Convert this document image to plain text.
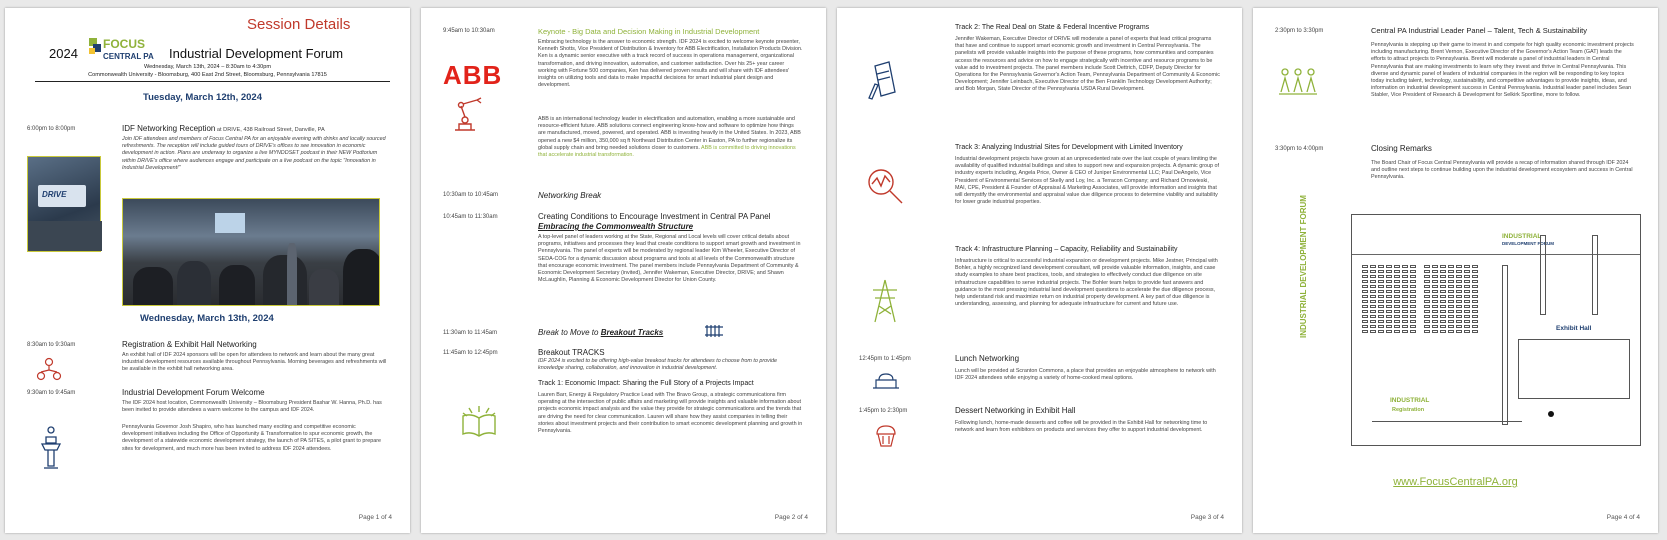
Session Details
2024
FOCUS
CENTRAL PA Industrial Development Forum
Wednesday, March 13th, 2024 – 8:30am to 4:30pm
Commonwealth University - Bloomsburg, 400 East 2nd Street, Bloomsburg, Pennsylvania 17815
Tuesday, March 12th, 2024
6:00pm to 8:00pm	IDF Networking Reception at DRIVE, 438 Railroad Street, Danville, PA
Join IDF attendees and members of Focus Central PA for an enjoyable evening with drinks and locally sourced refreshments. The reception will include guided tours of DRIVE's offices to see innovation in economic development in action. Plans are underway to organize a live MYNDDSET podcast in their NEW Podtorium within DRIVE's office where audiences engage and participate on a live podcast on the topic "Innovation in Industrial Development!"
DRIVE
Wednesday, March 13th, 2024
8:30am to 9:30am	Registration & Exhibit Hall Networking
An exhibit hall of IDF 2024 sponsors will be open for attendees to network and learn about the many great industrial development resources available throughout Pennsylvania. Morning beverages and refreshments will be available in the exhibit hall networking area.
9:30am to 9:45am	Industrial Development Forum Welcome
The IDF 2024 host location, Commonwealth University – Bloomsburg President Bashar W. Hanna, Ph.D. has been invited to provide attendees a warm welcome to the campus and IDF 2024.
Pennsylvania Governor Josh Shapiro, who has launched many exciting and competitive economic development initiatives including the Office of Opportunity & Transformation to spur economic growth, the development of a statewide economic development strategy, the launch of PA SITES, a pilot grant to prepare sites for development, and much more has been invited to address IDF 2024 attendees.
Page 1 of 4
9:45am to 10:30am	Keynote - Big Data and Decision Making in Industrial Development
ABB
Embracing technology is the answer to economic strength. IDF 2024 is excited to welcome keynote presenter, Kenneth Shotts, Vice President of Distribution & Inventory for ABB Electrification, Installation Products Division. Ken is a dynamic senior executive with a track record of success in operations management, organizational transformation, and driving innovation, automation, and customer satisfaction. Over his 25+ year career working with Fortune 500 companies, Ken has delivered proven results and will share with IDF attendees' insights on utilizing tools and data to make impactful decisions for smart industrial plant design and development.
ABB is an international technology leader in electrification and automation, enabling a more sustainable and resource-efficient future. ABB solutions connect engineering know-how and software to optimize how things are manufactured, moved, powered, and operated. ABB is investing heavily in the United States. In 2023, ABB opened a new $4 million, 350,000 sq ft Northeast Distribution Center in Easton, PA to further regionalize its global supply chain and bring needed solutions closer to customers. ABB is committed to driving innovations that accelerate industrial transformation.
10:30am to 10:45am	Networking Break
10:45am to 11:30am	Creating Conditions to Encourage Investment in Central PA Panel
Embracing the Commonwealth Structure
A top-level panel of leaders working at the State, Regional and Local levels will cover critical details about programs, initiatives and processes they lead that create conditions to support smart growth and investment in Pennsylvania. The panel of experts will be moderated by regional leader Kim Wheeler, Executive Director of SEDA-COG for a dynamic discussion about programs and tools at all levels of the Commonwealth structure that encourage economic investment. The panel members include Pennsylvania Department of Community & Economic Development Secretary (invited), Jennifer Wakeman, Executive Director, DRIVE; and Shawn McLaughlin, Planning & Economic Development Director for Union County.
11:30am to 11:45am	Break to Move to Breakout Tracks
11:45am to 12:45pm	Breakout TRACKS
IDF 2024 is excited to be offering high-value breakout tracks for attendees to choose from to provide knowledge sharing, collaboration, and innovation in industrial development.
Track 1: Economic Impact: Sharing the Full Story of a Projects Impact
Lauren Barr, Energy & Regulatory Practice Lead with The Bravo Group, a strategic communications firm operating at the intersection of public affairs and marketing will provide insights and valuable information about projects economic impact analysis and the value they provide for strategic communications and the trends that are driving the need for clear communication. Lauren will share how they assist companies in telling their stories about investment projects and their contribution to smart economic development planning and growth in Pennsylvania.
Page 2 of 4
Track 2: The Real Deal on State & Federal Incentive Programs
Jennifer Wakeman, Executive Director of DRIVE will moderate a panel of experts that lead critical programs that have and continue to support smart economic growth and investment in Central Pennsylvania. The panelists will provide valuable insights into the purpose of these programs, how communities and companies access the resources and advice on how to engage strategically with incentive and resource programs to be value add to investment projects. The panel members include Scott Dettrich, CDFP, Deputy Director for Operations for the Pennsylvania Governor's Action Team, Pennsylvania Department of Community & Economic Development; Jennifer Leinbach, Executive Director of the Ben Franklin Technology Development Authority; and Bob Morgan, State Director of the Pennsylvania USDA Rural Development.
Track 3: Analyzing Industrial Sites for Development with Limited Inventory
Industrial development projects have grown at an unprecedented rate over the last couple of years limiting the availability of qualified industrial buildings and sites to support new and expansion projects. A dynamic group of industry experts including, Angela Price, Owner & CEO of Juniper Environmental LLC; Paul DeAngelo, Vice President of Environmental Services of Skelly and Loy, Inc. a Terracon Company; and Richard Ornowieski, MAI, CPE, President & Founder of Appraisal & Marketing Associates, will provide information and insights that will demystify the environmental and appraisal value due diligence process to determine viability and suitability for lower grade industrial properties.
Track 4: Infrastructure Planning – Capacity, Reliability and Sustainability
Infrastructure is critical to successful industrial expansion or development projects. Mike Jestner, Principal with Bohler, a highly recognized land development consultant, will provide valuable information, insights, and case study examples to share best practices, tools, and strategies to effectively conduct due diligence on site infrastructure capabilities to serve industrial projects. The Bohler team helps to provide fast answers and guidance to the most pressing industrial land development questions to accelerate the due diligence process, help understand risk and maximize return on industrial property development. A key part of due diligence is understanding, assessing, and planning for adequate infrastructure for current and future use.
12:45pm to 1:45pm	Lunch Networking
Lunch will be provided at Scranton Commons, a place that provides an enjoyable atmosphere to network with IDF 2024 attendees while enjoying a variety of home-cooked meal options.
1:45pm to 2:30pm	Dessert Networking in Exhibit Hall
Following lunch, home-made desserts and coffee will be provided in the Exhibit Hall for networking time to network and learn from exhibitors on products and services they offer to support industrial development.
Page 3 of 4
2:30pm to 3:30pm	Central PA Industrial Leader Panel – Talent, Tech & Sustainability
Pennsylvania is stepping up their game to invest in and compete for high quality economic investment projects including manufacturing. Brent Vernon, Executive Director of the Governor's Action Team (GAT) leads the efforts to attract projects to Pennsylvania. Brent will moderate a panel of industrial leaders in Central Pennsylvania that are making investments to learn why they invest and thrive in Central Pennsylvania. This diverse and dynamic panel of leaders of industrial companies in the region will be responding to key topics today including talent, technology, sustainability, and competitive advantages to provide insights, ideas, and information on industrial development success in Central Pennsylvania. Industrial leader panel includes Sean Stabler, Vice President of Research & Development for Selkirk Sportline, more to follow.
3:30pm to 4:00pm	Closing Remarks
The Board Chair of Focus Central Pennsylvania will provide a recap of information shared through IDF 2024 and outline next steps to continue building upon the industrial development ecosystem and success in Central Pennsylvania.
INDUSTRIAL DEVELOPMENT FORUM	INDUSTRIAL
DEVELOPMENT FORUM
Exhibit Hall
INDUSTRIAL
Registration
www.FocusCentralPA.org
Page 4 of 4
